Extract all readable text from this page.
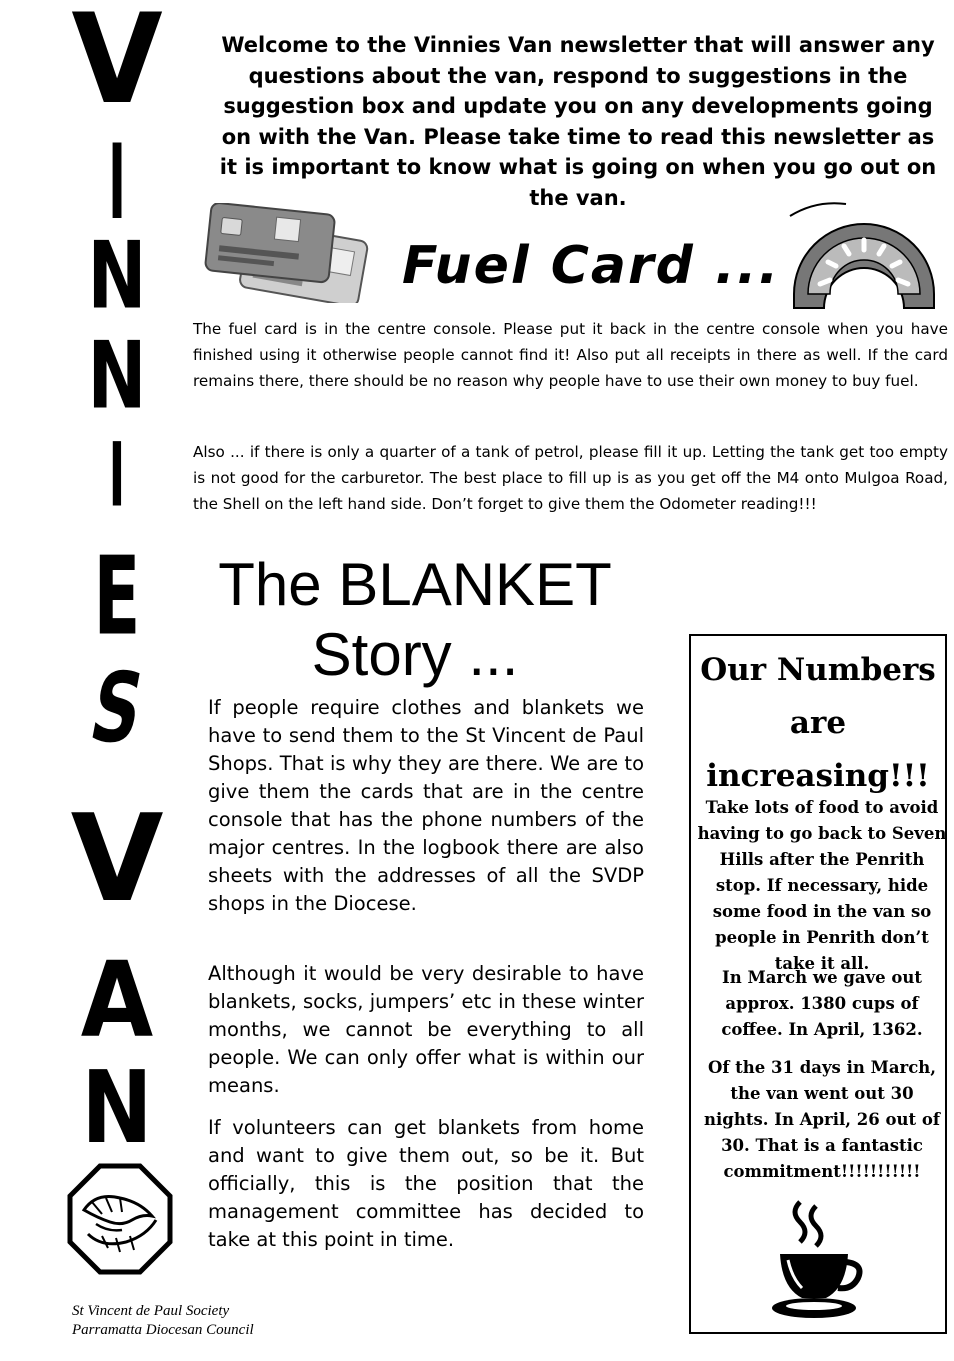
V
I
N
N
I
E
S
V
A
N
Welcome to the Vinnies Van newsletter that will answer any questions about the van, respond to suggestions in the suggestion box and update you on any developments going on with the Van. Please take time to read this newsletter as it is important to know what is going on when you go out on the van.
Fuel Card ...
The fuel card is in the centre console. Please put it back in the centre console when you have finished using it otherwise people cannot find it! Also put all receipts in there as well. If the card remains there, there should be no reason why people have to use their own money to buy fuel.
Also ... if there is only a quarter of a tank of petrol, please fill it up. Letting the tank get too empty is not good for the carburetor. The best place to fill up is as you get off the M4 onto Mulgoa Road, the Shell on the left hand side. Don’t forget to give them the Odometer reading!!!
The BLANKET
Story ...
If people require clothes and blankets we have to send them to the St Vincent de Paul Shops. That is why they are there. We are to give them the cards that are in the centre console that has the phone numbers of the major centres. In the logbook there are also sheets with the addresses of all the SVDP shops in the Diocese.
Although it would be very desirable to have blankets, socks, jumpers’ etc in these winter months, we cannot be everything to all people. We can only offer what is within our means.
If volunteers can get blankets from home and want to give them out, so be it. But officially, this is the position that the management committee has decided to take at this point in time.
Our Numbers
are
increasing!!!
Take lots of food to avoid having to go back to Seven Hills after the Penrith stop. If necessary, hide some food in the van so people in Penrith don’t take it all.
In March we gave out approx. 1380 cups of coffee. In April, 1362.
Of the 31 days in March, the van went out 30 nights. In April, 26 out of 30. That is a fantastic commitment!!!!!!!!!!!
St Vincent de Paul Society
Parramatta Diocesan Council
